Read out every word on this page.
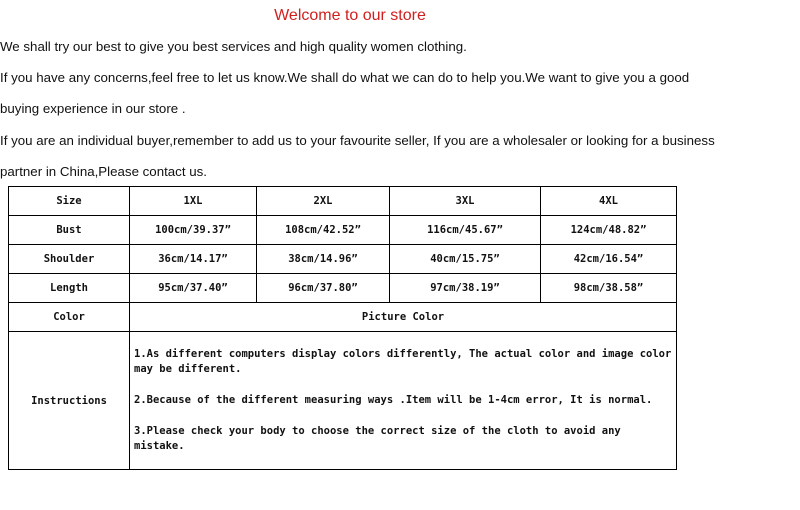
Welcome to our store
We shall try our best to give you best services and high quality women clothing.
If you have any concerns,feel free to let us know.We shall do what we can do to help you.We want to give you a good
buying experience in our store .
If you are an individual buyer,remember to add us to your favourite seller, If you are a wholesaler or looking for a business
partner in China,Please contact us.
Size	1XL	2XL	3XL	4XL
Bust	100cm/39.37”	108cm/42.52”	116cm/45.67”	124cm/48.82”
Shoulder	36cm/14.17”	38cm/14.96”	40cm/15.75”	42cm/16.54”
Length	95cm/37.40”	96cm/37.80”	97cm/38.19”	98cm/38.58”
Color	Picture Color			
Instructions	1.As different computers display colors differently, The actual color and image color may be different.
2.Because of the different measuring ways .Item will be 1-4cm error, It is normal.
3.Please check your body to choose the correct size of the cloth to avoid any mistake.			
